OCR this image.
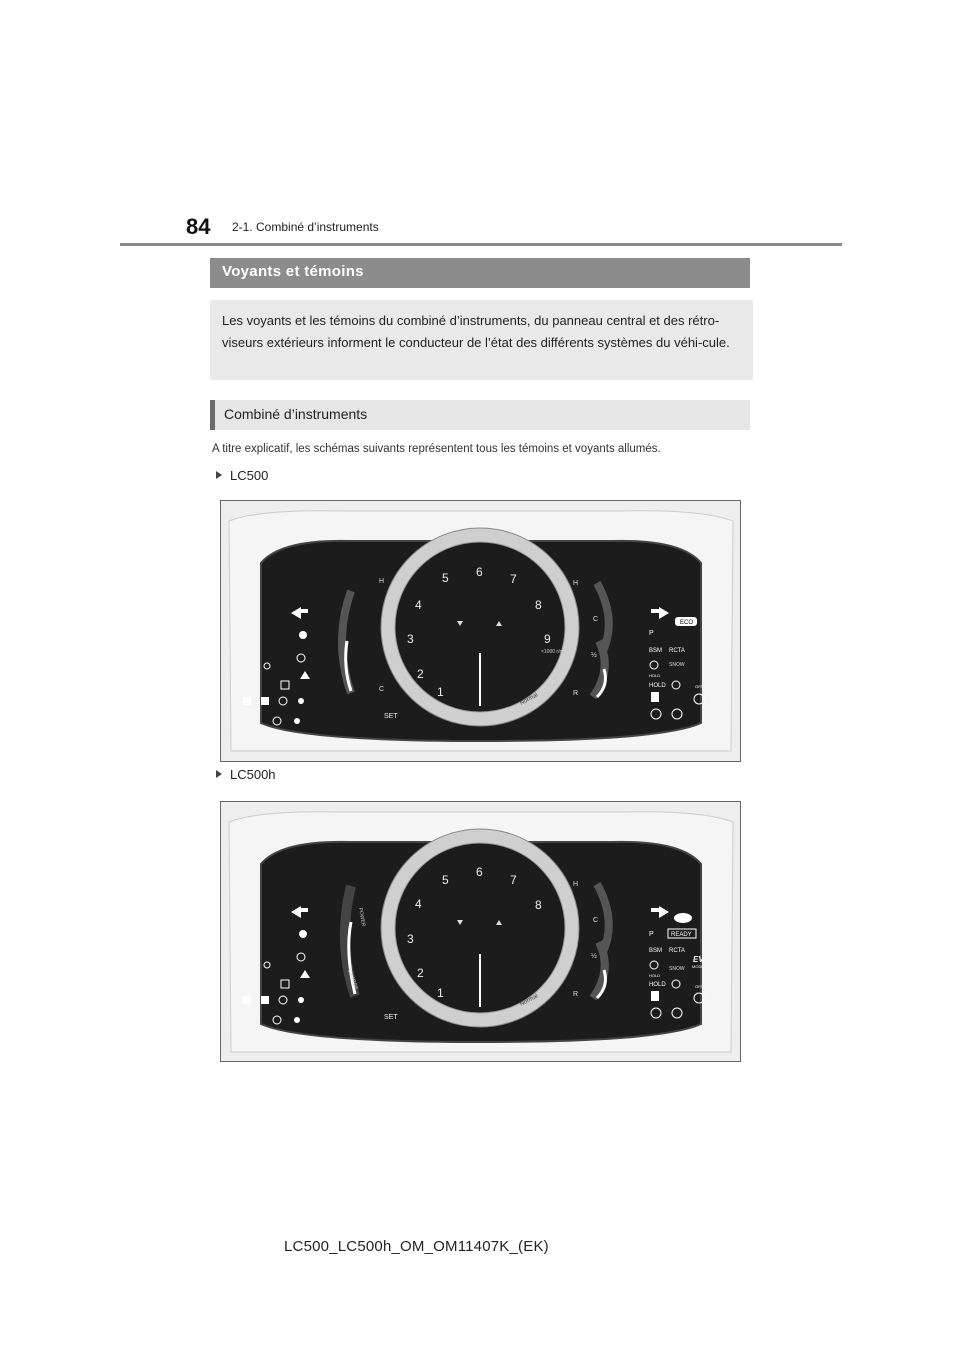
84 2-1. Combiné d’instruments
Voyants et témoins

Les voyants et les témoins du combiné d’instruments, du panneau central et des rétro-viseurs extérieurs informent le conducteur de l’état des différents systèmes du véhi-cule.

Combiné d’instruments
A titre explicatif, les schémas suivants représentent tous les témoins et voyants allumés.
LC500
H
C
H
C
½
R
1
2
3
4
5 6 7
8
9
×1000 r/min
Normal
SET
ECO
P
BSM RCTA
HOLD
SNOW
OFF
HOLD
LC500h
POWER
CHARGE
H
C
½
R
1
2
3
4
5
6
7
8
Normal
SET
READY
P
BSM RCTA
EV
MODE
HOLD
SNOW
OFF
HOLD
LC500_LC500h_OM_OM11407K_(EK)
